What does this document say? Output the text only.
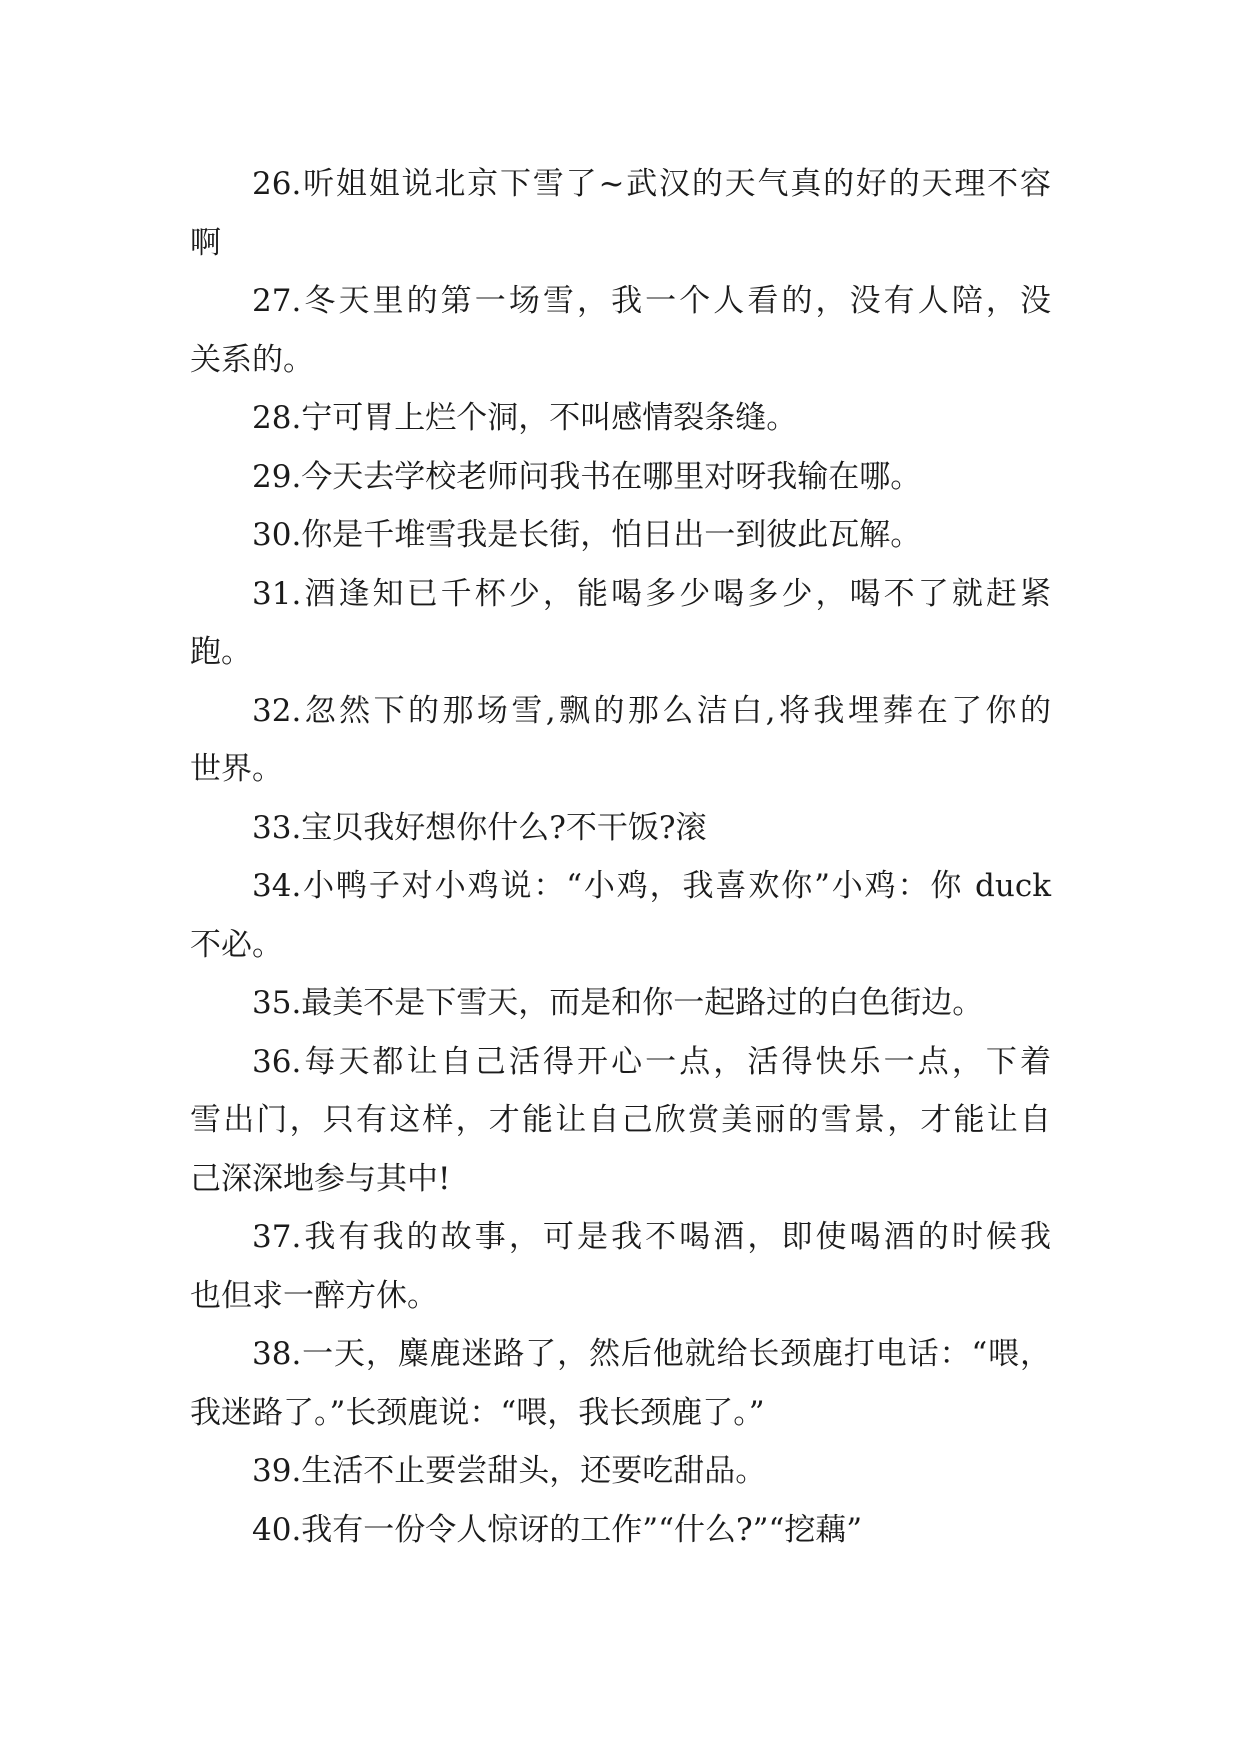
26.听姐姐说北京下雪了~武汉的天气真的好的天理不容
啊
27.冬天里的第一场雪，我一个人看的，没有人陪，没
关系的。
28.宁可胃上烂个洞，不叫感情裂条缝。
29.今天去学校老师问我书在哪里对呀我输在哪。
30.你是千堆雪我是长街，怕日出一到彼此瓦解。
31.酒逢知已千杯少，能喝多少喝多少，喝不了就赶紧
跑。
32.忽然下的那场雪,飘的那么洁白,将我埋葬在了你的
世界。
33.宝贝我好想你什么?不干饭?滚
34.小鸭子对小鸡说：“小鸡，我喜欢你”小鸡：你 duck
不必。
35.最美不是下雪天，而是和你一起路过的白色街边。
36.每天都让自己活得开心一点，活得快乐一点，下着
雪出门，只有这样，才能让自己欣赏美丽的雪景，才能让自
己深深地参与其中!
37.我有我的故事，可是我不喝酒，即使喝酒的时候我
也但求一醉方休。
38.一天，麋鹿迷路了，然后他就给长颈鹿打电话：“喂，
我迷路了。”长颈鹿说：“喂，我长颈鹿了。”
39.生活不止要尝甜头，还要吃甜品。
40.我有一份令人惊讶的工作”“什么?”“挖藕”
